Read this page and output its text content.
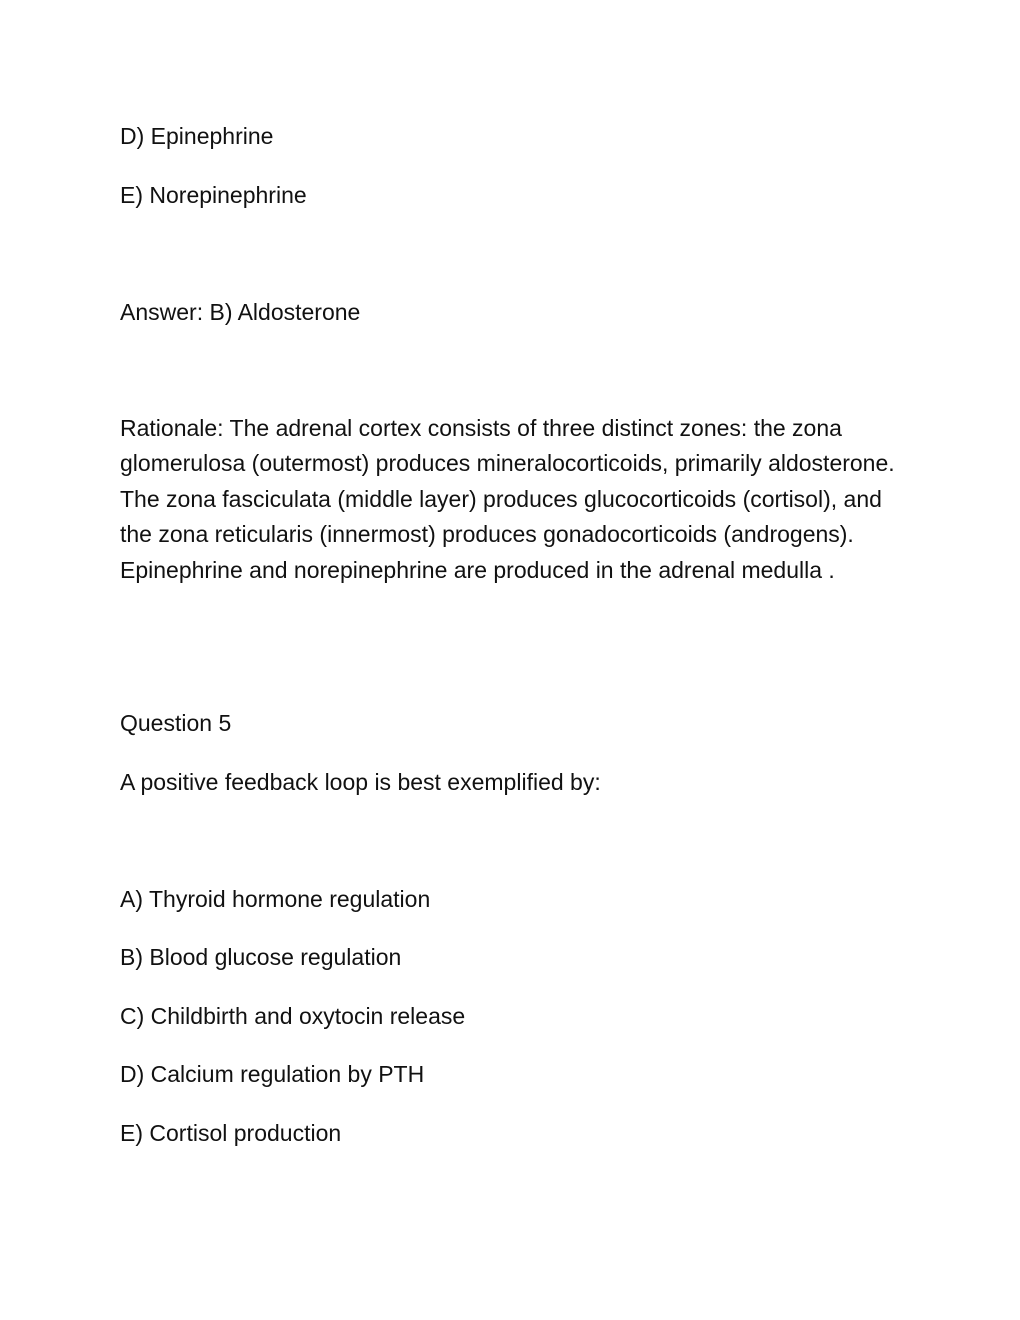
D) Epinephrine

E) Norepinephrine

Answer: B) Aldosterone

Rationale: The adrenal cortex consists of three distinct zones: the zona glomerulosa (outermost) produces mineralocorticoids, primarily aldosterone. The zona fasciculata (middle layer) produces glucocorticoids (cortisol), and the zona reticularis (innermost) produces gonadocorticoids (androgens). Epinephrine and norepinephrine are produced in the adrenal medulla .

Question 5

A positive feedback loop is best exemplified by:

A) Thyroid hormone regulation

B) Blood glucose regulation

C) Childbirth and oxytocin release

D) Calcium regulation by PTH

E) Cortisol production
